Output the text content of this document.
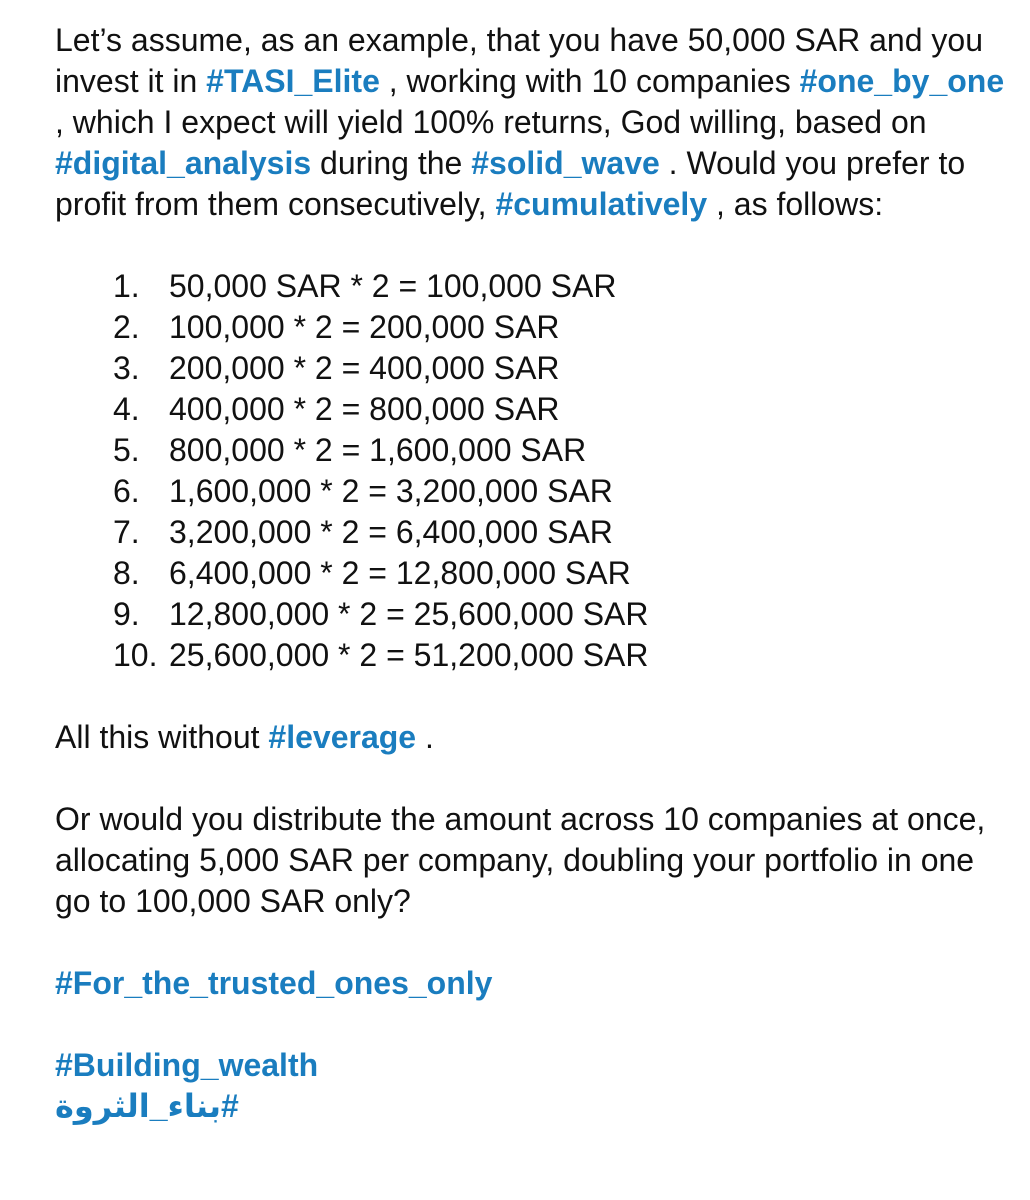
Let’s assume, as an example, that you have 50,000 SAR and you invest it in #TASI_Elite , working with 10 companies #one_by_one , which I expect will yield 100% returns, God willing, based on #digital_analysis during the #solid_wave . Would you prefer to profit from them consecutively, #cumulatively , as follows:

1. 50,000 SAR * 2 = 100,000 SAR
2. 100,000 * 2 = 200,000 SAR
3. 200,000 * 2 = 400,000 SAR
4. 400,000 * 2 = 800,000 SAR
5. 800,000 * 2 = 1,600,000 SAR
6. 1,600,000 * 2 = 3,200,000 SAR
7. 3,200,000 * 2 = 6,400,000 SAR
8. 6,400,000 * 2 = 12,800,000 SAR
9. 12,800,000 * 2 = 25,600,000 SAR
10. 25,600,000 * 2 = 51,200,000 SAR

All this without #leverage .

Or would you distribute the amount across 10 companies at once, allocating 5,000 SAR per company, doubling your portfolio in one go to 100,000 SAR only?

#For_the_trusted_ones_only

#Building_wealth

#بناء_الثروة
